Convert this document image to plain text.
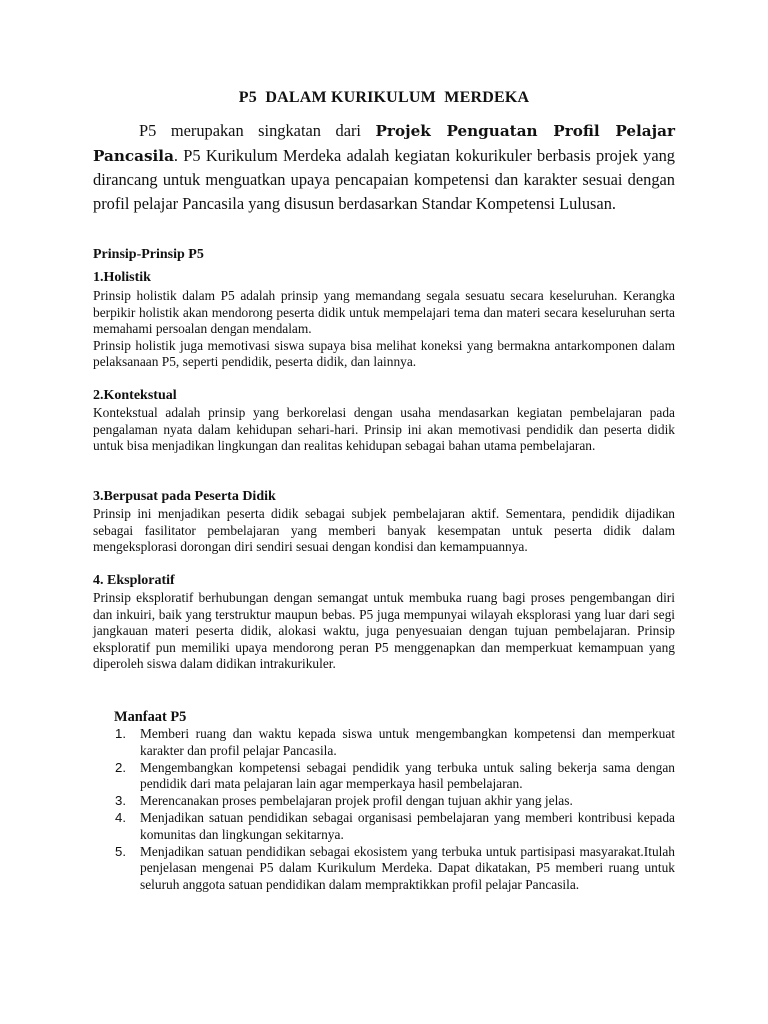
P5  DALAM KURIKULUM  MERDEKA
P5 merupakan singkatan dari Projek Penguatan Profil Pelajar Pancasila. P5 Kurikulum Merdeka adalah kegiatan kokurikuler berbasis projek yang dirancang untuk menguatkan upaya pencapaian kompetensi dan karakter sesuai dengan profil pelajar Pancasila yang disusun berdasarkan Standar Kompetensi Lulusan.
Prinsip-Prinsip P5
1.Holistik

Prinsip holistik dalam P5 adalah prinsip yang memandang segala sesuatu secara keseluruhan. Kerangka berpikir holistik akan mendorong peserta didik untuk mempelajari tema dan materi secara keseluruhan serta memahami persoalan dengan mendalam.

Prinsip holistik juga memotivasi siswa supaya bisa melihat koneksi yang bermakna antarkomponen dalam pelaksanaan P5, seperti pendidik, peserta didik, dan lainnya.

2.Kontekstual

Kontekstual adalah prinsip yang berkorelasi dengan usaha mendasarkan kegiatan pembelajaran pada pengalaman nyata dalam kehidupan sehari-hari. Prinsip ini akan memotivasi pendidik dan peserta didik untuk bisa menjadikan lingkungan dan realitas kehidupan sebagai bahan utama pembelajaran.

3.Berpusat pada Peserta Didik

Prinsip ini menjadikan peserta didik sebagai subjek pembelajaran aktif. Sementara, pendidik dijadikan sebagai fasilitator pembelajaran yang memberi banyak kesempatan untuk peserta didik dalam mengeksplorasi dorongan diri sendiri sesuai dengan kondisi dan kemampuannya.

4. Eksploratif

Prinsip eksploratif berhubungan dengan semangat untuk membuka ruang bagi proses pengembangan diri dan inkuiri, baik yang terstruktur maupun bebas. P5 juga mempunyai wilayah eksplorasi yang luar dari segi jangkauan materi peserta didik, alokasi waktu, juga penyesuaian dengan tujuan pembelajaran. Prinsip eksploratif pun memiliki upaya mendorong peran P5 menggenapkan dan memperkuat kemampuan yang diperoleh siswa dalam didikan intrakurikuler.

Manfaat P5
1. Memberi ruang dan waktu kepada siswa untuk mengembangkan kompetensi dan memperkuat karakter dan profil pelajar Pancasila.
2. Mengembangkan kompetensi sebagai pendidik yang terbuka untuk saling bekerja sama dengan pendidik dari mata pelajaran lain agar memperkaya hasil pembelajaran.
3. Merencanakan proses pembelajaran projek profil dengan tujuan akhir yang jelas.
4. Menjadikan satuan pendidikan sebagai organisasi pembelajaran yang memberi kontribusi kepada komunitas dan lingkungan sekitarnya.
5. Menjadikan satuan pendidikan sebagai ekosistem yang terbuka untuk partisipasi masyarakat.Itulah penjelasan mengenai P5 dalam Kurikulum Merdeka. Dapat dikatakan, P5 memberi ruang untuk seluruh anggota satuan pendidikan dalam mempraktikkan profil pelajar Pancasila.
